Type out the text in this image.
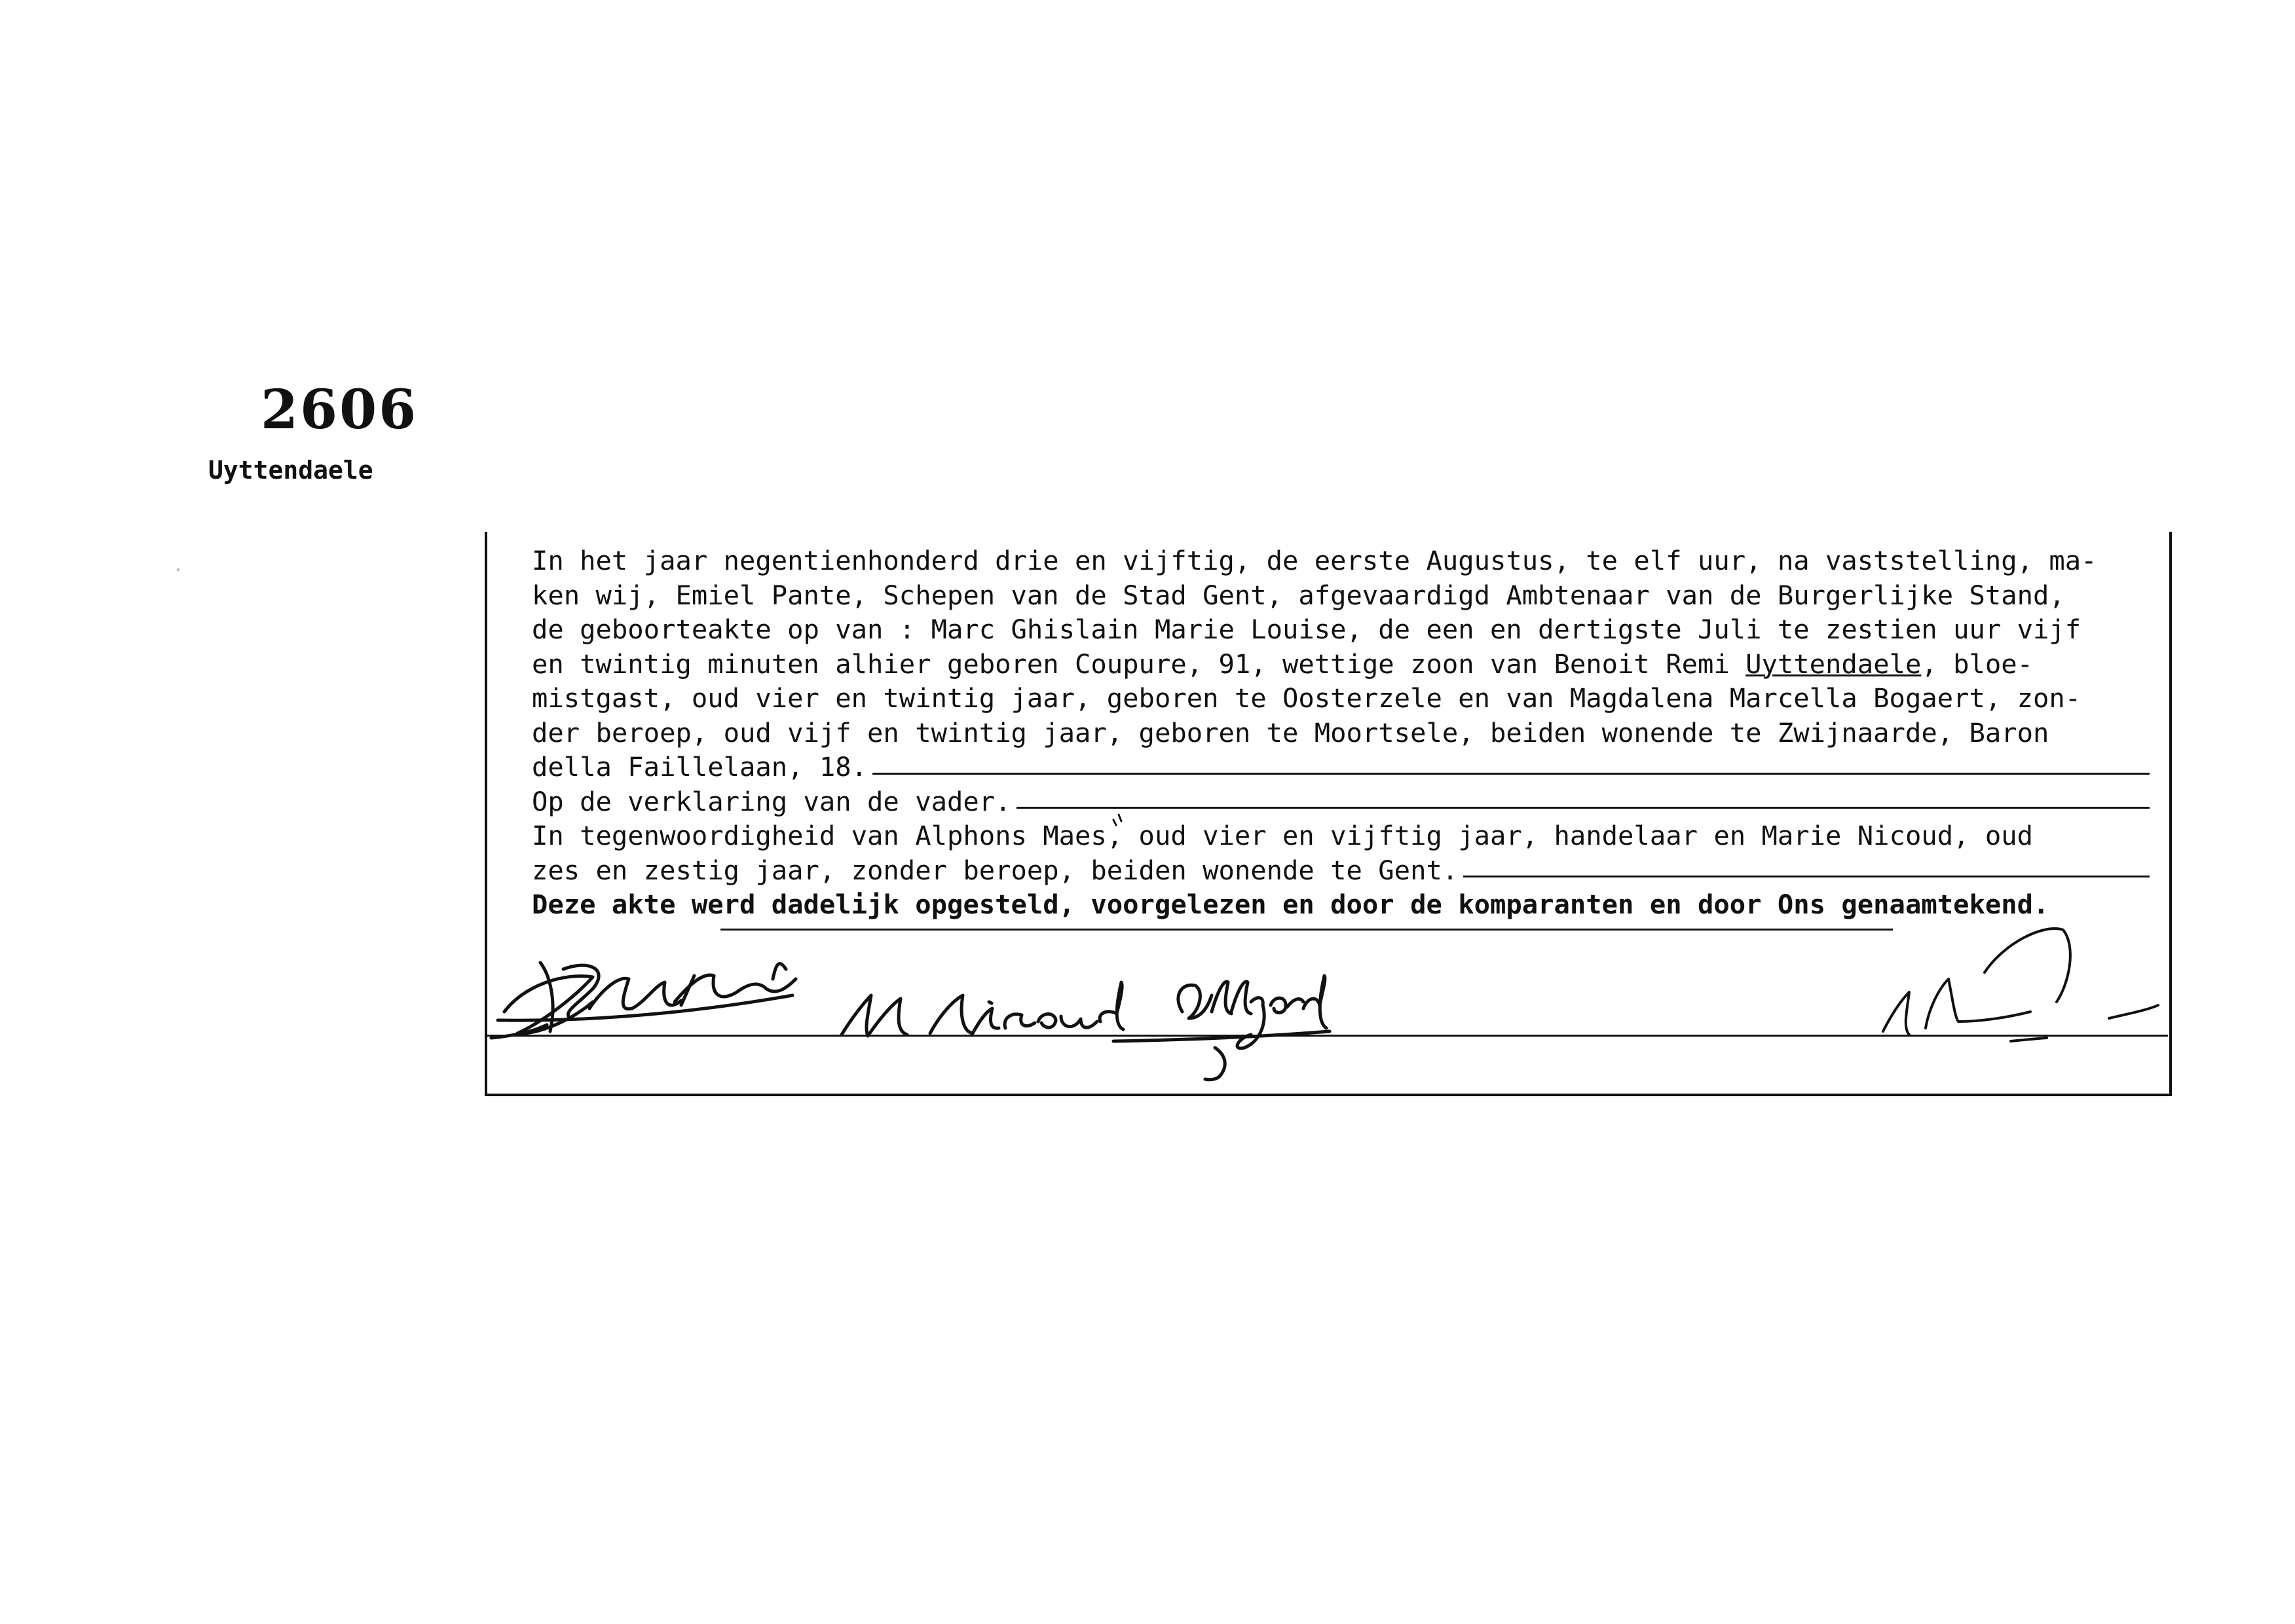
2606
Uyttendaele
In het jaar negentienhonderd drie en vijftig, de eerste Augustus, te elf uur, na vaststelling, ma-
ken wij, Emiel Pante, Schepen van de Stad Gent, afgevaardigd Ambtenaar van de Burgerlijke Stand,
de geboorteakte op van : Marc Ghislain Marie Louise, de een en dertigste Juli te zestien uur vijf
en twintig minuten alhier geboren Coupure, 91, wettige zoon van Benoit Remi Uyttendaele, bloe-
mistgast, oud vier en twintig jaar, geboren te Oosterzele en van Magdalena Marcella Bogaert, zon-
der beroep, oud vijf en twintig jaar, geboren te Moortsele, beiden wonende te Zwijnaarde, Baron
della Faillelaan, 18.
Op de verklaring van de vader.
In tegenwoordigheid van Alphons Maes, oud vier en vijftig jaar, handelaar en Marie Nicoud, oud
zes en zestig jaar, zonder beroep, beiden wonende te Gent.
Deze akte werd dadelijk opgesteld, voorgelezen en door de komparanten en door Ons genaamtekend.
